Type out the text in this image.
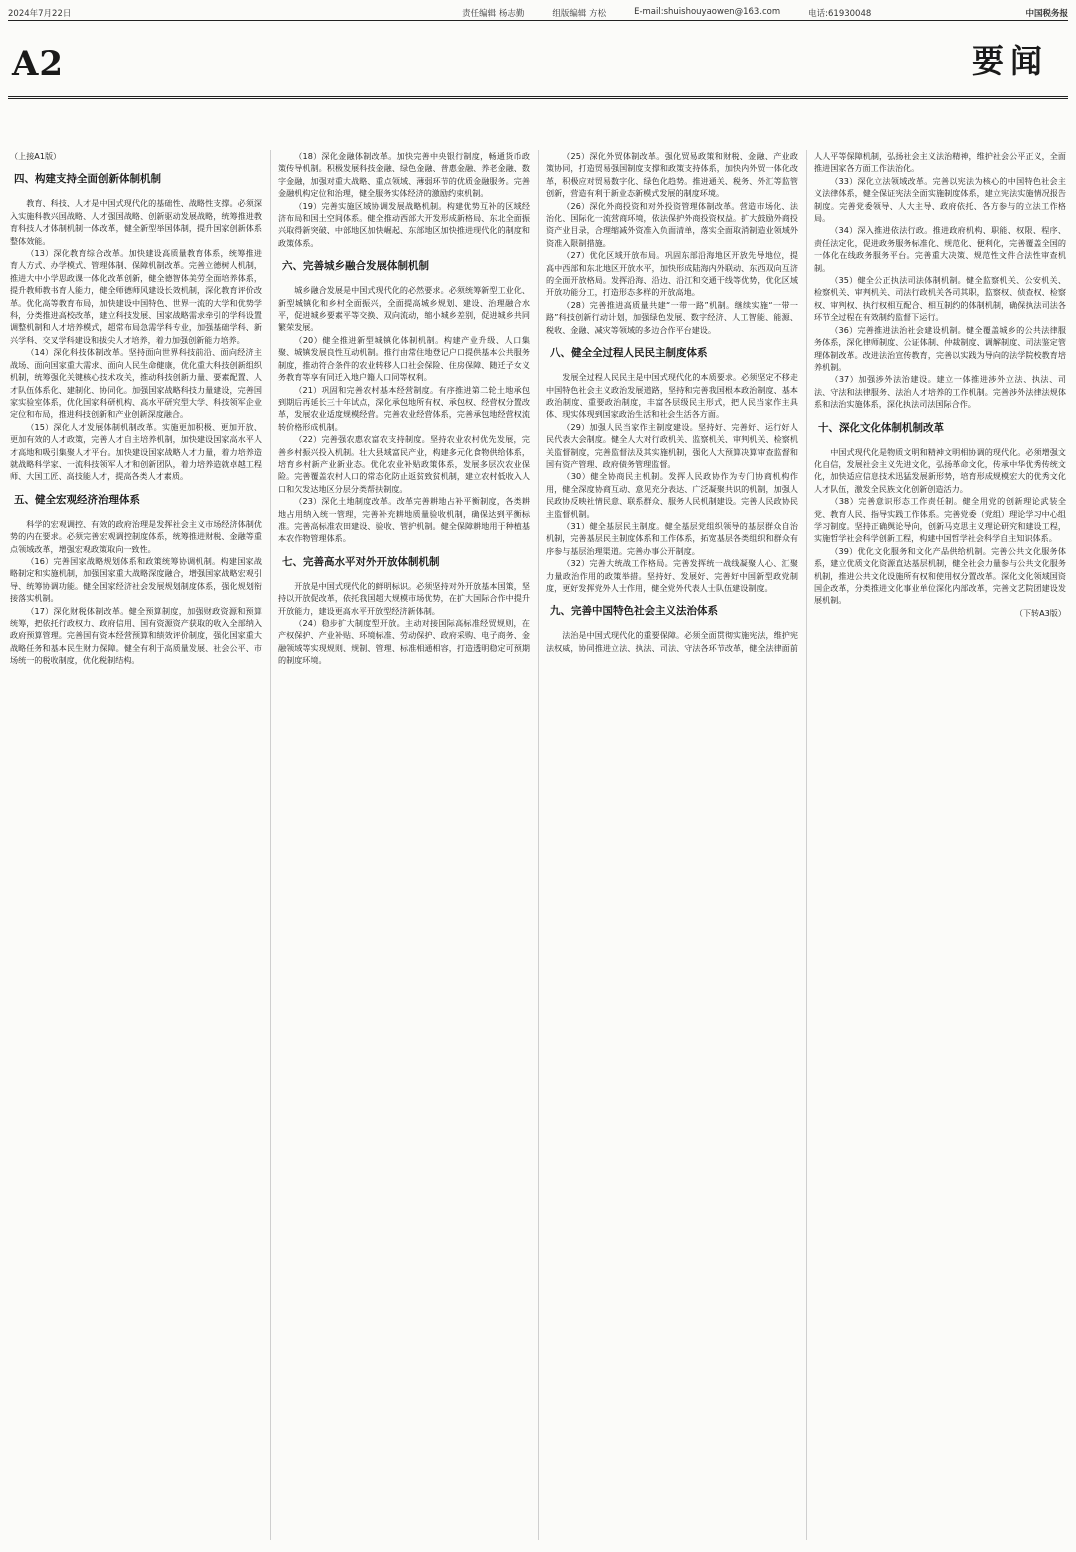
2024年7月22日	责任编辑 杨志勤	组版编辑 方松	E-mail:shuishouyaowen@163.com	电话:61930048	中国税务报
A2	要闻

（上接A1版）

四、构建支持全面创新体制机制

教育、科技、人才是中国式现代化的基础性、战略性支撑。必须深入实施科教兴国战略、人才强国战略、创新驱动发展战略，统筹推进教育科技人才体制机制一体改革，健全新型举国体制，提升国家创新体系整体效能。

（13）深化教育综合改革。加快建设高质量教育体系，统筹推进育人方式、办学模式、管理体制、保障机制改革。完善立德树人机制，推进大中小学思政课一体化改革创新，健全德智体美劳全面培养体系，提升教师教书育人能力，健全师德师风建设长效机制，深化教育评价改革。优化高等教育布局，加快建设中国特色、世界一流的大学和优势学科，分类推进高校改革，建立科技发展、国家战略需求牵引的学科设置调整机制和人才培养模式，超常布局急需学科专业，加强基础学科、新兴学科、交叉学科建设和拔尖人才培养，着力加强创新能力培养。

（14）深化科技体制改革。坚持面向世界科技前沿、面向经济主战场、面向国家重大需求、面向人民生命健康，优化重大科技创新组织机制，统筹强化关键核心技术攻关，推动科技创新力量、要素配置、人才队伍体系化、建制化、协同化。加强国家战略科技力量建设，完善国家实验室体系，优化国家科研机构、高水平研究型大学、科技领军企业定位和布局，推进科技创新和产业创新深度融合。

（15）深化人才发展体制机制改革。实施更加积极、更加开放、更加有效的人才政策，完善人才自主培养机制，加快建设国家高水平人才高地和吸引集聚人才平台。加快建设国家战略人才力量，着力培养造就战略科学家、一流科技领军人才和创新团队，着力培养造就卓越工程师、大国工匠、高技能人才，提高各类人才素质。

五、健全宏观经济治理体系

科学的宏观调控、有效的政府治理是发挥社会主义市场经济体制优势的内在要求。必须完善宏观调控制度体系，统筹推进财税、金融等重点领域改革，增强宏观政策取向一致性。

（16）完善国家战略规划体系和政策统筹协调机制。构建国家战略制定和实施机制，加强国家重大战略深度融合，增强国家战略宏观引导、统筹协调功能。健全国家经济社会发展规划制度体系，强化规划衔接落实机制。

（17）深化财税体制改革。健全预算制度，加强财政资源和预算统筹，把依托行政权力、政府信用、国有资源资产获取的收入全部纳入政府预算管理。完善国有资本经营预算和绩效评价制度，强化国家重大战略任务和基本民生财力保障。健全有利于高质量发展、社会公平、市场统一的税收制度，优化税制结构。

（18）深化金融体制改革。加快完善中央银行制度，畅通货币政策传导机制。积极发展科技金融、绿色金融、普惠金融、养老金融、数字金融，加强对重大战略、重点领域、薄弱环节的优质金融服务。完善金融机构定位和治理，健全服务实体经济的激励约束机制。

（19）完善实施区域协调发展战略机制。构建优势互补的区域经济布局和国土空间体系。健全推动西部大开发形成新格局、东北全面振兴取得新突破、中部地区加快崛起、东部地区加快推进现代化的制度和政策体系。

六、完善城乡融合发展体制机制

城乡融合发展是中国式现代化的必然要求。必须统筹新型工业化、新型城镇化和乡村全面振兴，全面提高城乡规划、建设、治理融合水平，促进城乡要素平等交换、双向流动，缩小城乡差别，促进城乡共同繁荣发展。

（20）健全推进新型城镇化体制机制。构建产业升级、人口集聚、城镇发展良性互动机制。推行由常住地登记户口提供基本公共服务制度，推动符合条件的农业转移人口社会保险、住房保障、随迁子女义务教育等享有同迁入地户籍人口同等权利。

（21）巩固和完善农村基本经营制度。有序推进第二轮土地承包到期后再延长三十年试点，深化承包地所有权、承包权、经营权分置改革，发展农业适度规模经营。完善农业经营体系，完善承包地经营权流转价格形成机制。

（22）完善强农惠农富农支持制度。坚持农业农村优先发展，完善乡村振兴投入机制。壮大县域富民产业，构建多元化食物供给体系，培育乡村新产业新业态。优化农业补贴政策体系，发展多层次农业保险。完善覆盖农村人口的常态化防止返贫致贫机制，建立农村低收入人口和欠发达地区分层分类帮扶制度。

（23）深化土地制度改革。改革完善耕地占补平衡制度，各类耕地占用纳入统一管理，完善补充耕地质量验收机制，确保达到平衡标准。完善高标准农田建设、验收、管护机制。健全保障耕地用于种植基本农作物管理体系。

七、完善高水平对外开放体制机制

开放是中国式现代化的鲜明标识。必须坚持对外开放基本国策，坚持以开放促改革，依托我国超大规模市场优势，在扩大国际合作中提升开放能力，建设更高水平开放型经济新体制。

（24）稳步扩大制度型开放。主动对接国际高标准经贸规则，在产权保护、产业补贴、环境标准、劳动保护、政府采购、电子商务、金融领域等实现规则、规制、管理、标准相通相容，打造透明稳定可预期的制度环境。

（25）深化外贸体制改革。强化贸易政策和财税、金融、产业政策协同，打造贸易强国制度支撑和政策支持体系，加快内外贸一体化改革，积极应对贸易数字化、绿色化趋势。推进通关、税务、外汇等监管创新，营造有利于新业态新模式发展的制度环境。

（26）深化外商投资和对外投资管理体制改革。营造市场化、法治化、国际化一流营商环境，依法保护外商投资权益。扩大鼓励外商投资产业目录，合理缩减外资准入负面清单，落实全面取消制造业领域外资准入限制措施。

（27）优化区域开放布局。巩固东部沿海地区开放先导地位，提高中西部和东北地区开放水平，加快形成陆海内外联动、东西双向互济的全面开放格局。发挥沿海、沿边、沿江和交通干线等优势，优化区域开放功能分工，打造形态多样的开放高地。

（28）完善推进高质量共建“一带一路”机制。继续实施“一带一路”科技创新行动计划，加强绿色发展、数字经济、人工智能、能源、税收、金融、减灾等领域的多边合作平台建设。

八、健全全过程人民民主制度体系

发展全过程人民民主是中国式现代化的本质要求。必须坚定不移走中国特色社会主义政治发展道路，坚持和完善我国根本政治制度、基本政治制度、重要政治制度，丰富各层级民主形式，把人民当家作主具体、现实体现到国家政治生活和社会生活各方面。

（29）加强人民当家作主制度建设。坚持好、完善好、运行好人民代表大会制度。健全人大对行政机关、监察机关、审判机关、检察机关监督制度，完善监督法及其实施机制，强化人大预算决算审查监督和国有资产管理、政府债务管理监督。

（30）健全协商民主机制。发挥人民政协作为专门协商机构作用，健全深度协商互动、意见充分表达、广泛凝聚共识的机制，加强人民政协反映社情民意、联系群众、服务人民机制建设。完善人民政协民主监督机制。

（31）健全基层民主制度。健全基层党组织领导的基层群众自治机制，完善基层民主制度体系和工作体系，拓宽基层各类组织和群众有序参与基层治理渠道。完善办事公开制度。

（32）完善大统战工作格局。完善发挥统一战线凝聚人心、汇聚力量政治作用的政策举措。坚持好、发展好、完善好中国新型政党制度，更好发挥党外人士作用，健全党外代表人士队伍建设制度。

九、完善中国特色社会主义法治体系

法治是中国式现代化的重要保障。必须全面贯彻实施宪法，维护宪法权威，协同推进立法、执法、司法、守法各环节改革，健全法律面前人人平等保障机制，弘扬社会主义法治精神，维护社会公平正义，全面推进国家各方面工作法治化。

（33）深化立法领域改革。完善以宪法为核心的中国特色社会主义法律体系，健全保证宪法全面实施制度体系，建立宪法实施情况报告制度。完善党委领导、人大主导、政府依托、各方参与的立法工作格局。

（34）深入推进依法行政。推进政府机构、职能、权限、程序、责任法定化，促进政务服务标准化、规范化、便利化，完善覆盖全国的一体化在线政务服务平台。完善重大决策、规范性文件合法性审查机制。

（35）健全公正执法司法体制机制。健全监察机关、公安机关、检察机关、审判机关、司法行政机关各司其职，监察权、侦查权、检察权、审判权、执行权相互配合、相互制约的体制机制，确保执法司法各环节全过程在有效制约监督下运行。

（36）完善推进法治社会建设机制。健全覆盖城乡的公共法律服务体系，深化律师制度、公证体制、仲裁制度、调解制度、司法鉴定管理体制改革。改进法治宣传教育，完善以实践为导向的法学院校教育培养机制。

（37）加强涉外法治建设。建立一体推进涉外立法、执法、司法、守法和法律服务、法治人才培养的工作机制。完善涉外法律法规体系和法治实施体系，深化执法司法国际合作。

十、深化文化体制机制改革

中国式现代化是物质文明和精神文明相协调的现代化。必须增强文化自信，发展社会主义先进文化，弘扬革命文化，传承中华优秀传统文化，加快适应信息技术迅猛发展新形势，培育形成规模宏大的优秀文化人才队伍，激发全民族文化创新创造活力。

（38）完善意识形态工作责任制。健全用党的创新理论武装全党、教育人民、指导实践工作体系。完善党委（党组）理论学习中心组学习制度。坚持正确舆论导向，创新马克思主义理论研究和建设工程，实施哲学社会科学创新工程，构建中国哲学社会科学自主知识体系。

（39）优化文化服务和文化产品供给机制。完善公共文化服务体系，建立优质文化资源直达基层机制，健全社会力量参与公共文化服务机制，推进公共文化设施所有权和使用权分置改革。深化文化领域国资国企改革，分类推进文化事业单位深化内部改革，完善文艺院团建设发展机制。

（下转A3版）
